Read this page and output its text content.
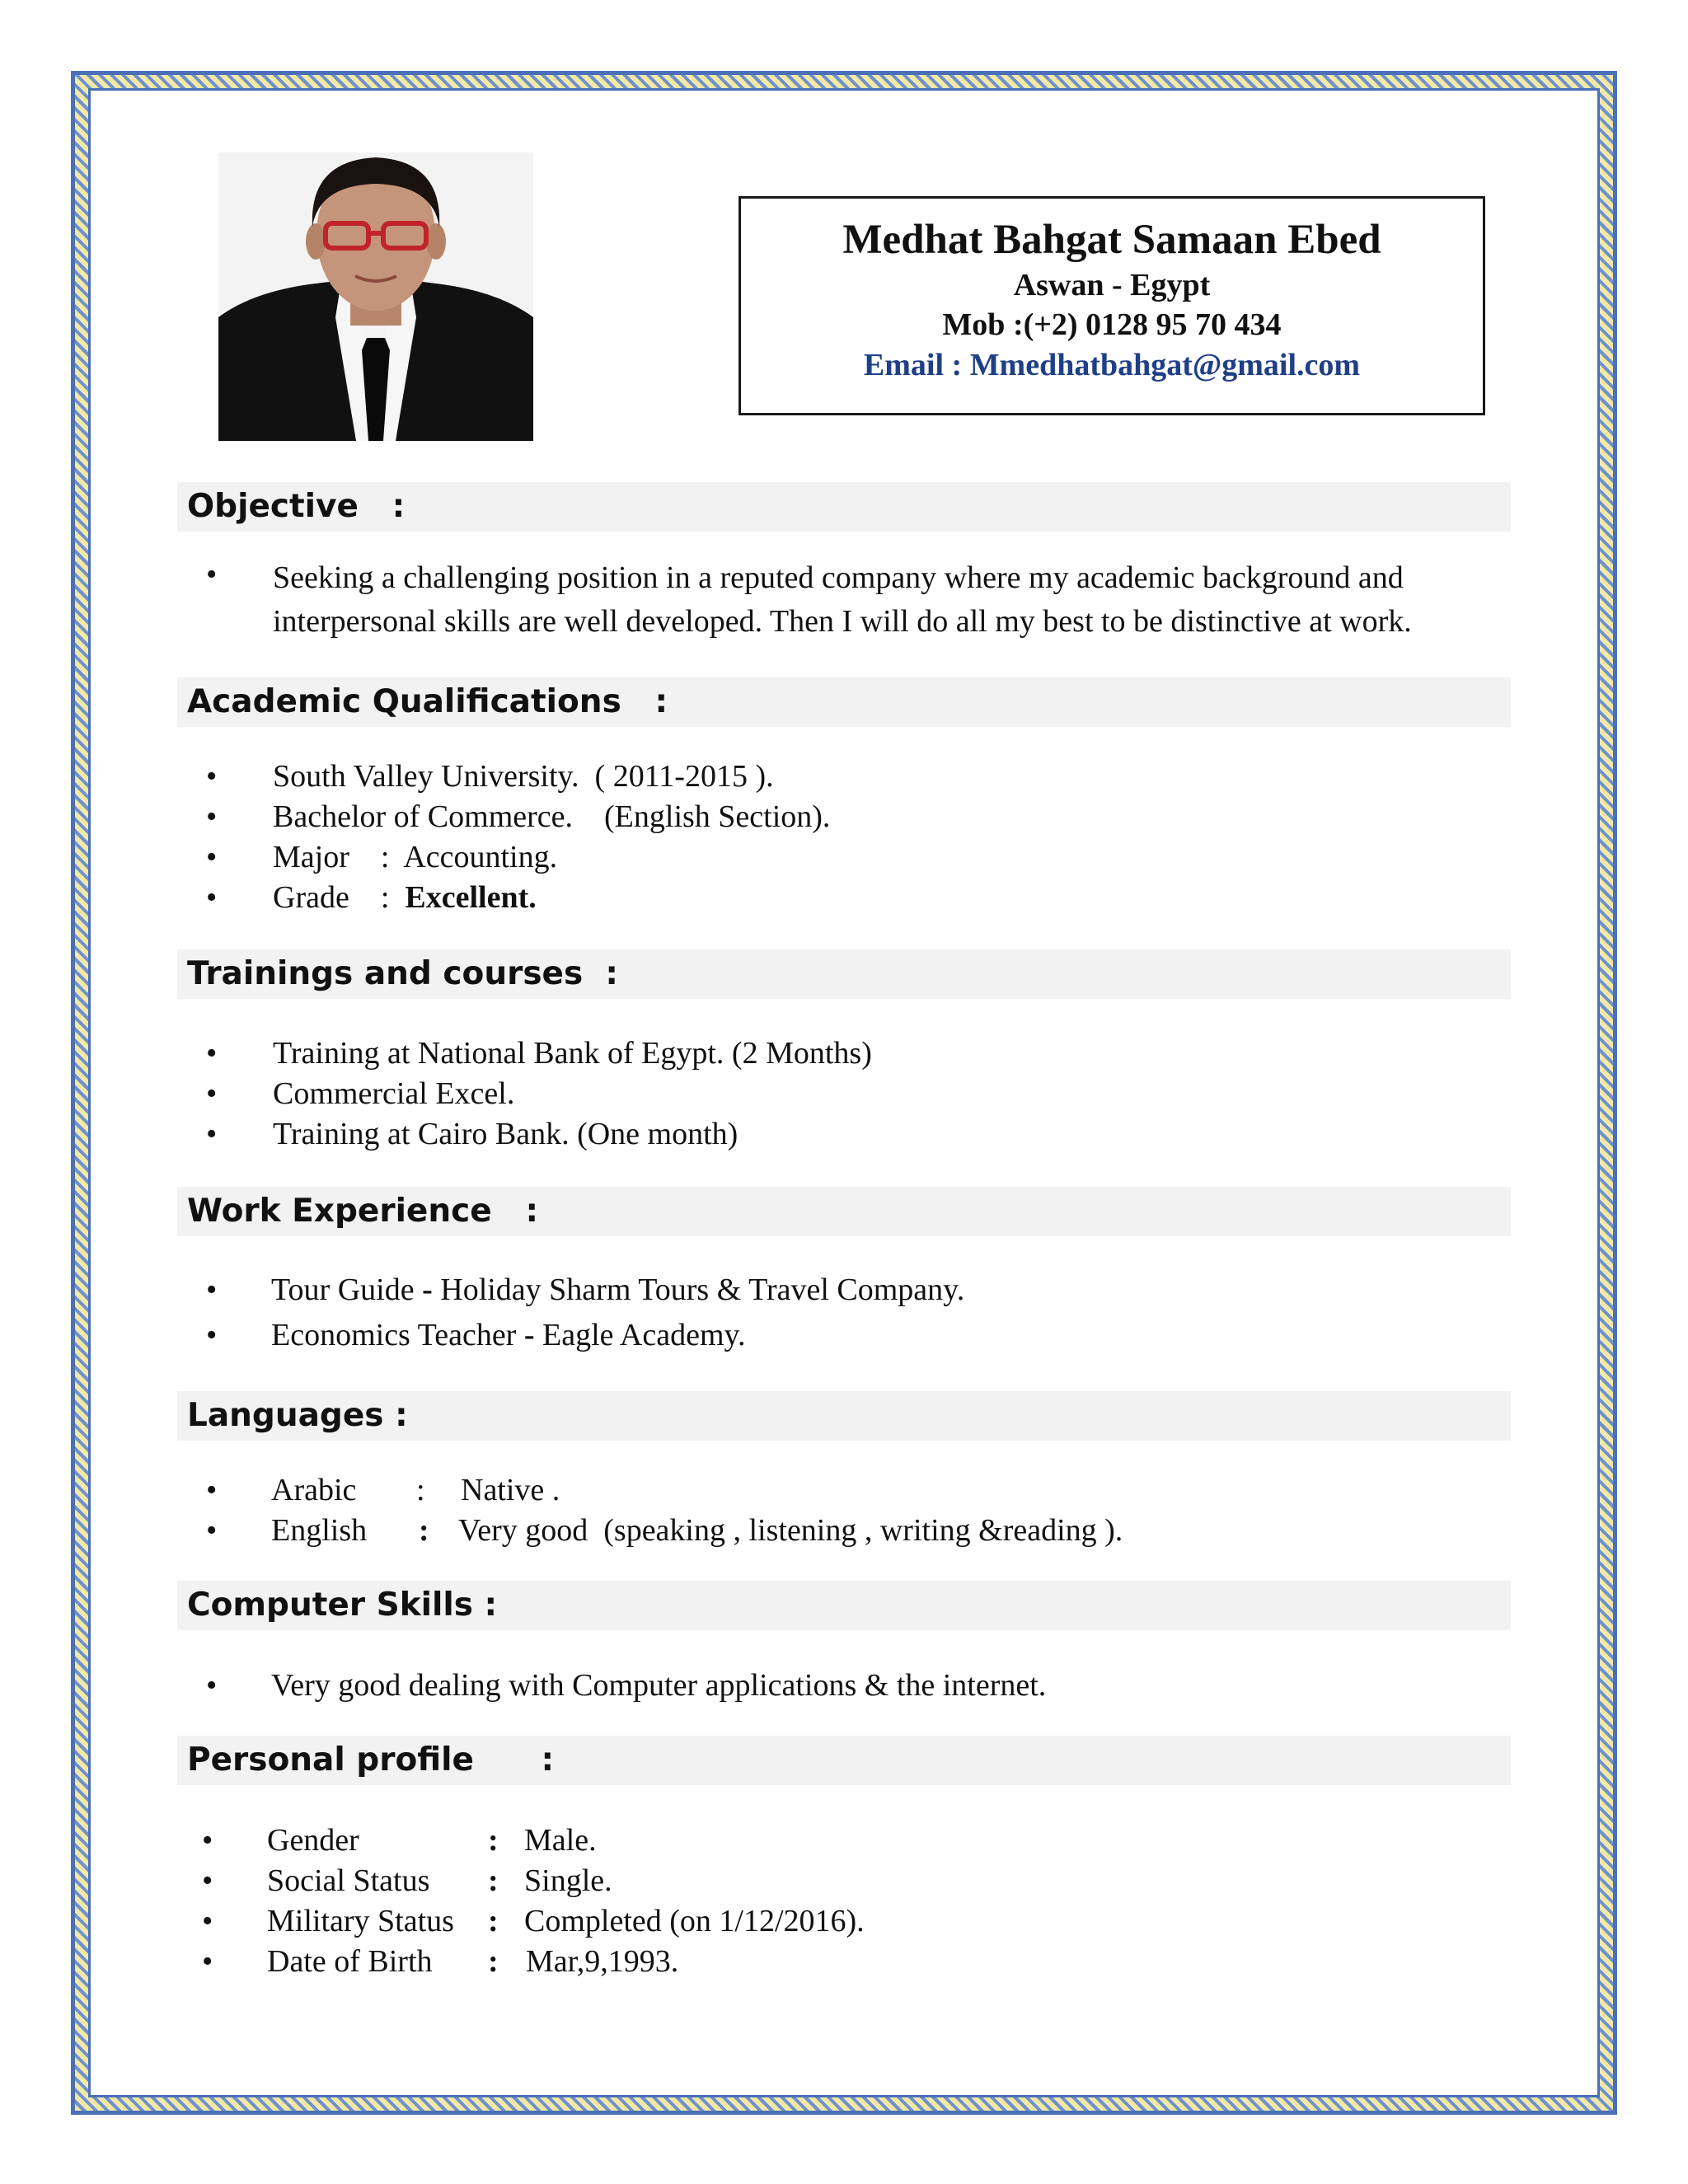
Medhat Bahgat Samaan Ebed
Aswan - Egypt
Mob :(+2) 0128 95 70 434
Email : Mmedhatbahgat@gmail.com
Objective   :
• Seeking a challenging position in a reputed company where my academic background and interpersonal skills are well developed. Then I will do all my best to be distinctive at work.
Academic Qualifications   :
• South Valley University.  ( 2011-2015 ).
• Bachelor of Commerce.    (English Section).
• Major    :  Accounting.
• Grade    :  Excellent.
Trainings and courses  :
• Training at National Bank of Egypt. (2 Months)
• Commercial Excel.
• Training at Cairo Bank. (One month)
Work Experience   :
• Tour Guide - Holiday Sharm Tours & Travel Company.
• Economics Teacher - Eagle Academy.
Languages :
• Arabic : Native .
• English : Very good  (speaking , listening , writing &reading ).
Computer Skills :
• Very good dealing with Computer applications & the internet.
Personal profile      :
• Gender	: Male.
• Social Status : Single.
• Military Status : Completed (on 1/12/2016).
• Date of Birth : Mar,9,1993.
